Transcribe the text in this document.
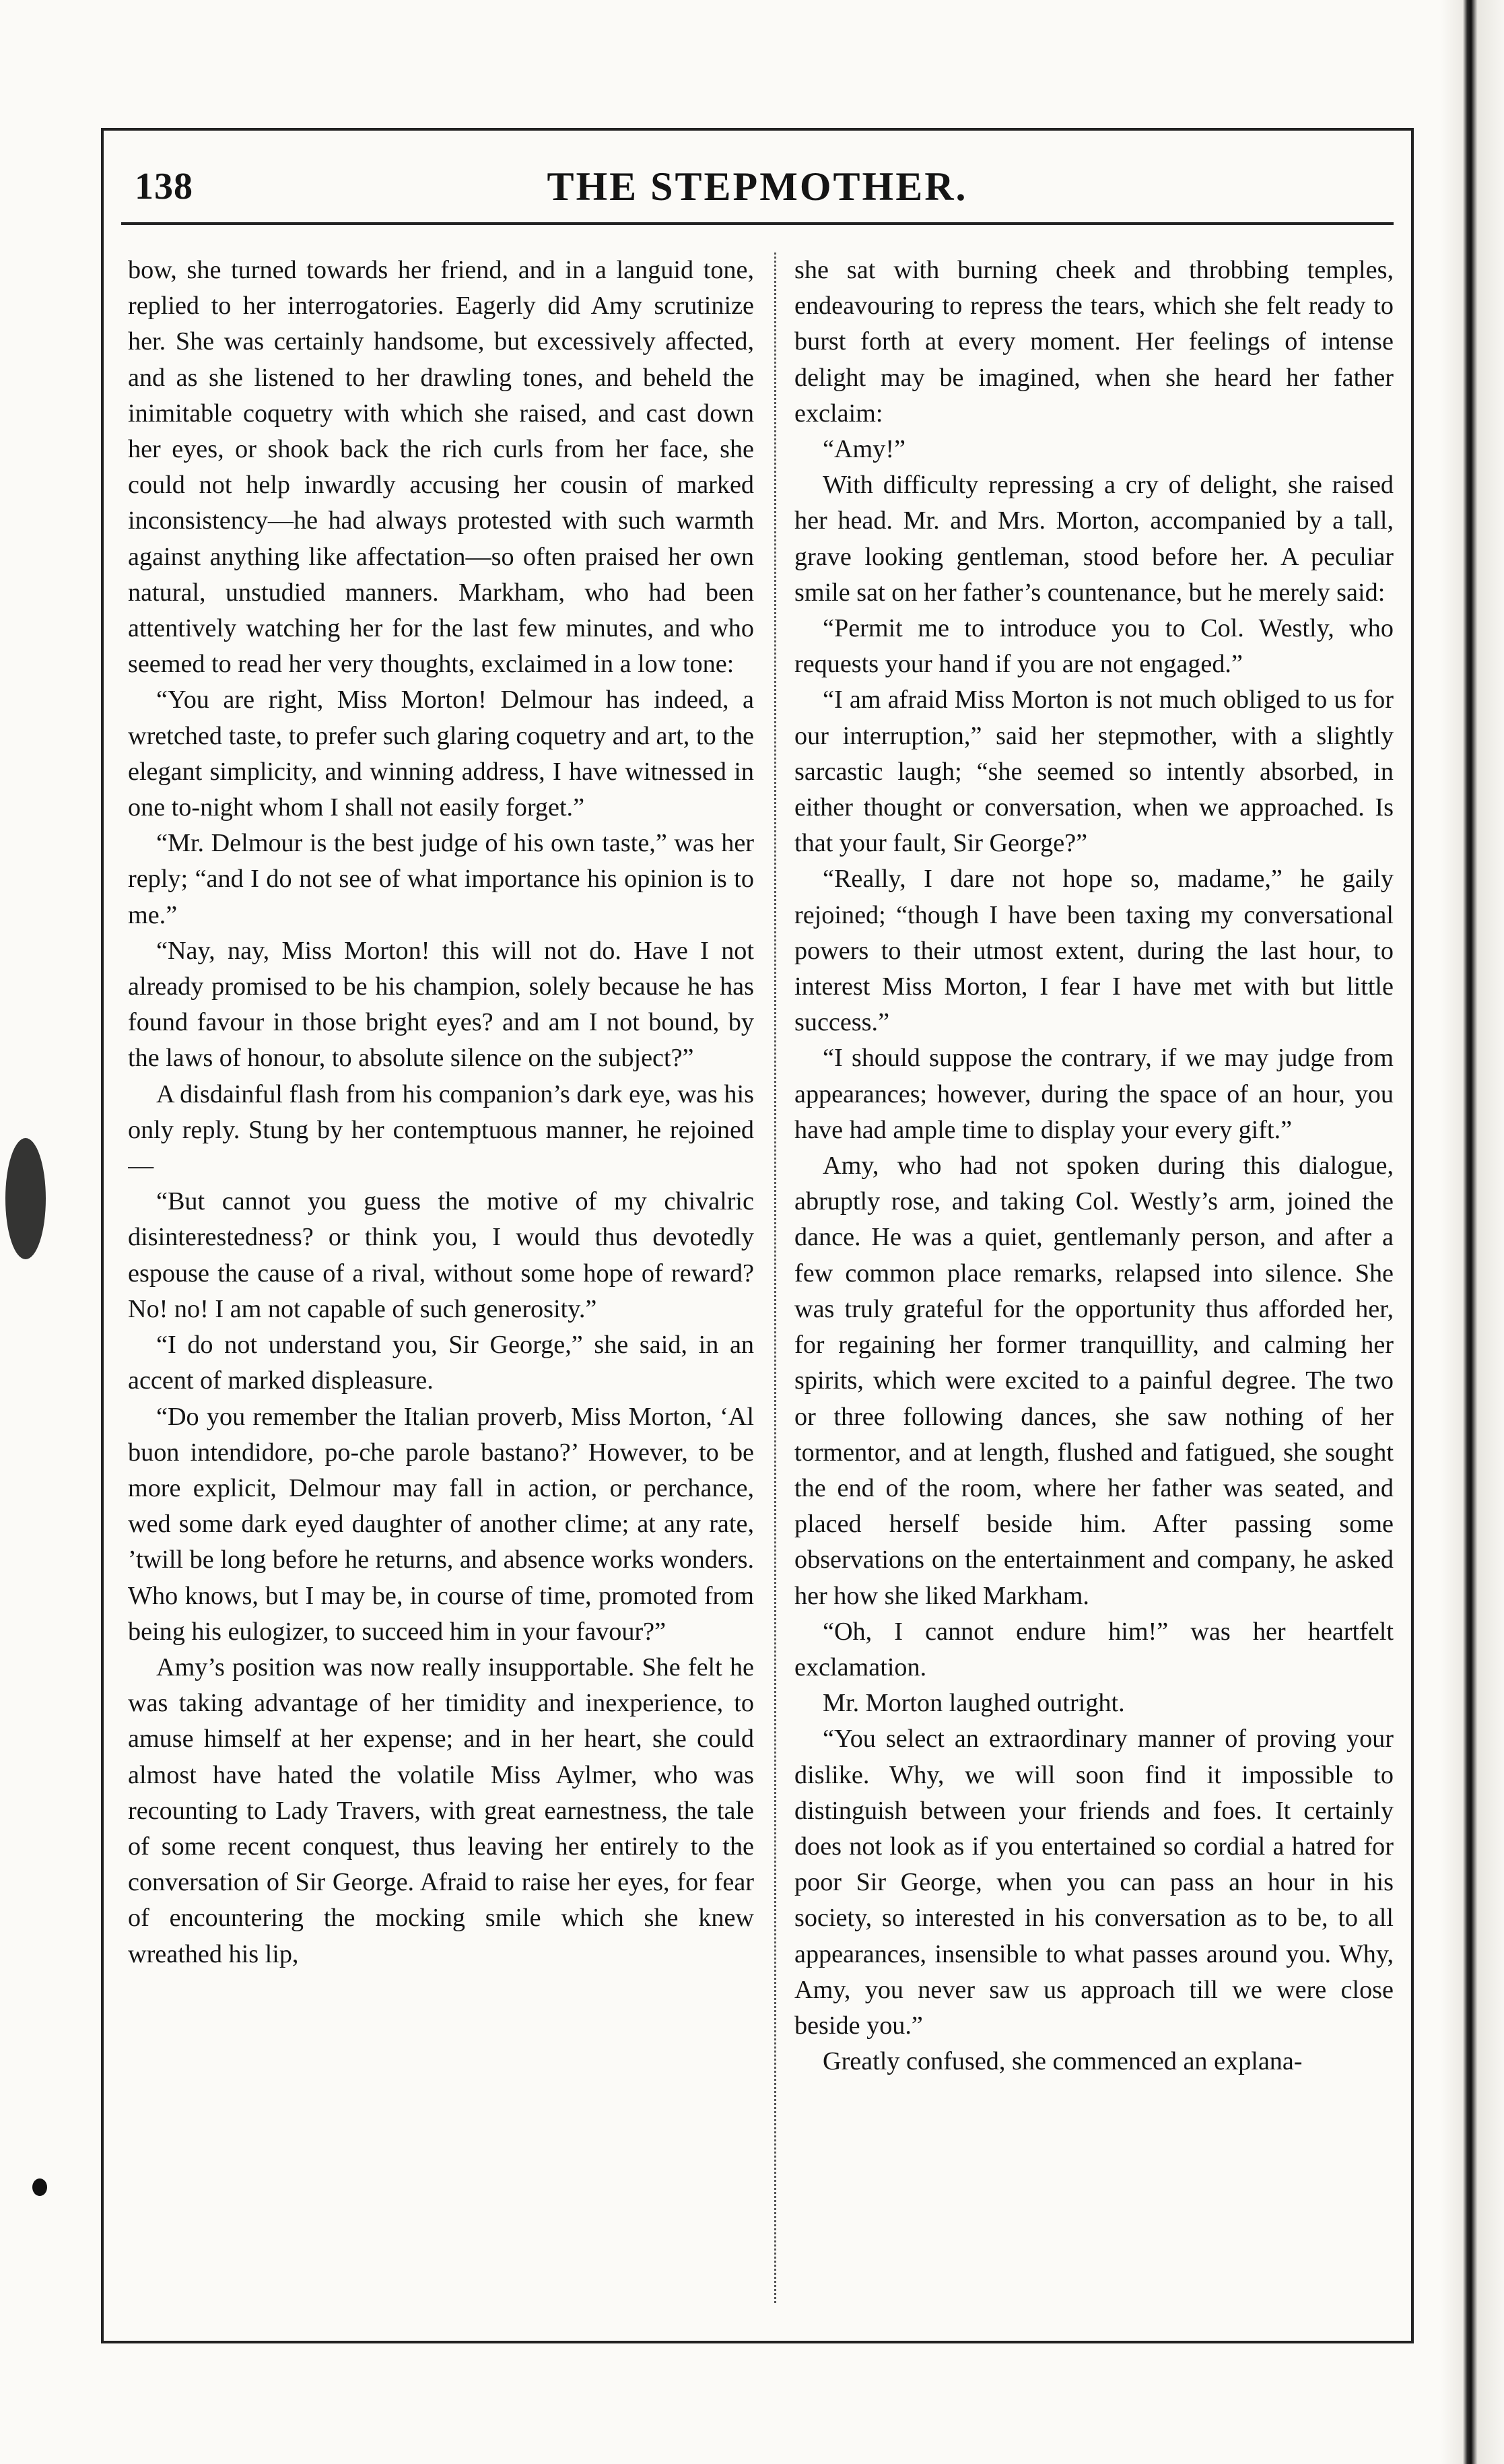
138	THE STEPMOTHER.

bow, she turned towards her friend, and in a languid tone, replied to her interrogatories. Eagerly did Amy scrutinize her. She was certainly handsome, but excessively affected, and as she listened to her drawling tones, and beheld the inimitable coquetry with which she raised, and cast down her eyes, or shook back the rich curls from her face, she could not help inwardly accusing her cousin of marked inconsistency—he had always protested with such warmth against anything like affectation—so often praised her own natural, unstudied manners. Markham, who had been attentively watching her for the last few minutes, and who seemed to read her very thoughts, exclaimed in a low tone:

“You are right, Miss Morton! Delmour has indeed, a wretched taste, to prefer such glaring coquetry and art, to the elegant simplicity, and winning address, I have witnessed in one to-night whom I shall not easily forget.”

“Mr. Delmour is the best judge of his own taste,” was her reply; “and I do not see of what importance his opinion is to me.”

“Nay, nay, Miss Morton! this will not do. Have I not already promised to be his champion, solely because he has found favour in those bright eyes? and am I not bound, by the laws of honour, to absolute silence on the subject?”

A disdainful flash from his companion’s dark eye, was his only reply. Stung by her contemptuous manner, he rejoined—

“But cannot you guess the motive of my chivalric disinterestedness? or think you, I would thus devotedly espouse the cause of a rival, without some hope of reward? No! no! I am not capable of such generosity.”

“I do not understand you, Sir George,” she said, in an accent of marked displeasure.

“Do you remember the Italian proverb, Miss Morton, ‘Al buon intendidore, po-che parole bastano?’ However, to be more explicit, Delmour may fall in action, or perchance, wed some dark eyed daughter of another clime; at any rate, ’twill be long before he returns, and absence works wonders. Who knows, but I may be, in course of time, promoted from being his eulogizer, to succeed him in your favour?”

Amy’s position was now really insupportable. She felt he was taking advantage of her timidity and inexperience, to amuse himself at her expense; and in her heart, she could almost have hated the volatile Miss Aylmer, who was recounting to Lady Travers, with great earnestness, the tale of some recent conquest, thus leaving her entirely to the conversation of Sir George. Afraid to raise her eyes, for fear of encountering the mocking smile which she knew wreathed his lip,

she sat with burning cheek and throbbing temples, endeavouring to repress the tears, which she felt ready to burst forth at every moment. Her feelings of intense delight may be imagined, when she heard her father exclaim:

“Amy!”

With difficulty repressing a cry of delight, she raised her head. Mr. and Mrs. Morton, accompanied by a tall, grave looking gentleman, stood before her. A peculiar smile sat on her father’s countenance, but he merely said:

“Permit me to introduce you to Col. Westly, who requests your hand if you are not engaged.”

“I am afraid Miss Morton is not much obliged to us for our interruption,” said her stepmother, with a slightly sarcastic laugh; “she seemed so intently absorbed, in either thought or conversation, when we approached. Is that your fault, Sir George?”

“Really, I dare not hope so, madame,” he gaily rejoined; “though I have been taxing my conversational powers to their utmost extent, during the last hour, to interest Miss Morton, I fear I have met with but little success.”

“I should suppose the contrary, if we may judge from appearances; however, during the space of an hour, you have had ample time to display your every gift.”

Amy, who had not spoken during this dialogue, abruptly rose, and taking Col. Westly’s arm, joined the dance. He was a quiet, gentlemanly person, and after a few common place remarks, relapsed into silence. She was truly grateful for the opportunity thus afforded her, for regaining her former tranquillity, and calming her spirits, which were excited to a painful degree. The two or three following dances, she saw nothing of her tormentor, and at length, flushed and fatigued, she sought the end of the room, where her father was seated, and placed herself beside him. After passing some observations on the entertainment and company, he asked her how she liked Markham.

“Oh, I cannot endure him!” was her heartfelt exclamation.

Mr. Morton laughed outright.

“You select an extraordinary manner of proving your dislike. Why, we will soon find it impossible to distinguish between your friends and foes. It certainly does not look as if you entertained so cordial a hatred for poor Sir George, when you can pass an hour in his society, so interested in his conversation as to be, to all appearances, insensible to what passes around you. Why, Amy, you never saw us approach till we were close beside you.”

Greatly confused, she commenced an explana-
